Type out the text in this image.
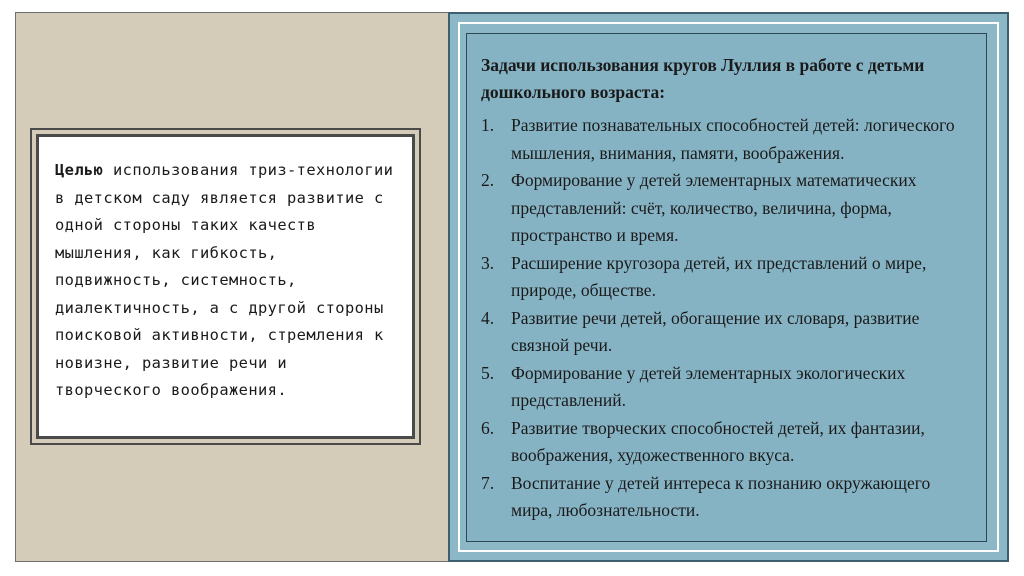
Целью использования триз-технологии в детском саду является развитие с одной стороны таких качеств мышления, как гибкость, подвижность, системность, диалектичность, а с другой стороны поисковой активности, стремления к новизне, развитие речи и творческого воображения.

Задачи использования кругов Луллия в работе с детьми дошкольного возраста:
1. Развитие познавательных способностей детей: логического мышления, внимания, памяти, воображения.
2. Формирование у детей элементарных математических представлений: счёт, количество, величина, форма, пространство и время.
3. Расширение кругозора детей, их представлений о мире, природе, обществе.
4. Развитие речи детей, обогащение их словаря, развитие связной речи.
5. Формирование у детей элементарных экологических представлений.
6. Развитие творческих способностей детей, их фантазии, воображения, художественного вкуса.
7. Воспитание у детей интереса к познанию окружающего мира, любознательности.
